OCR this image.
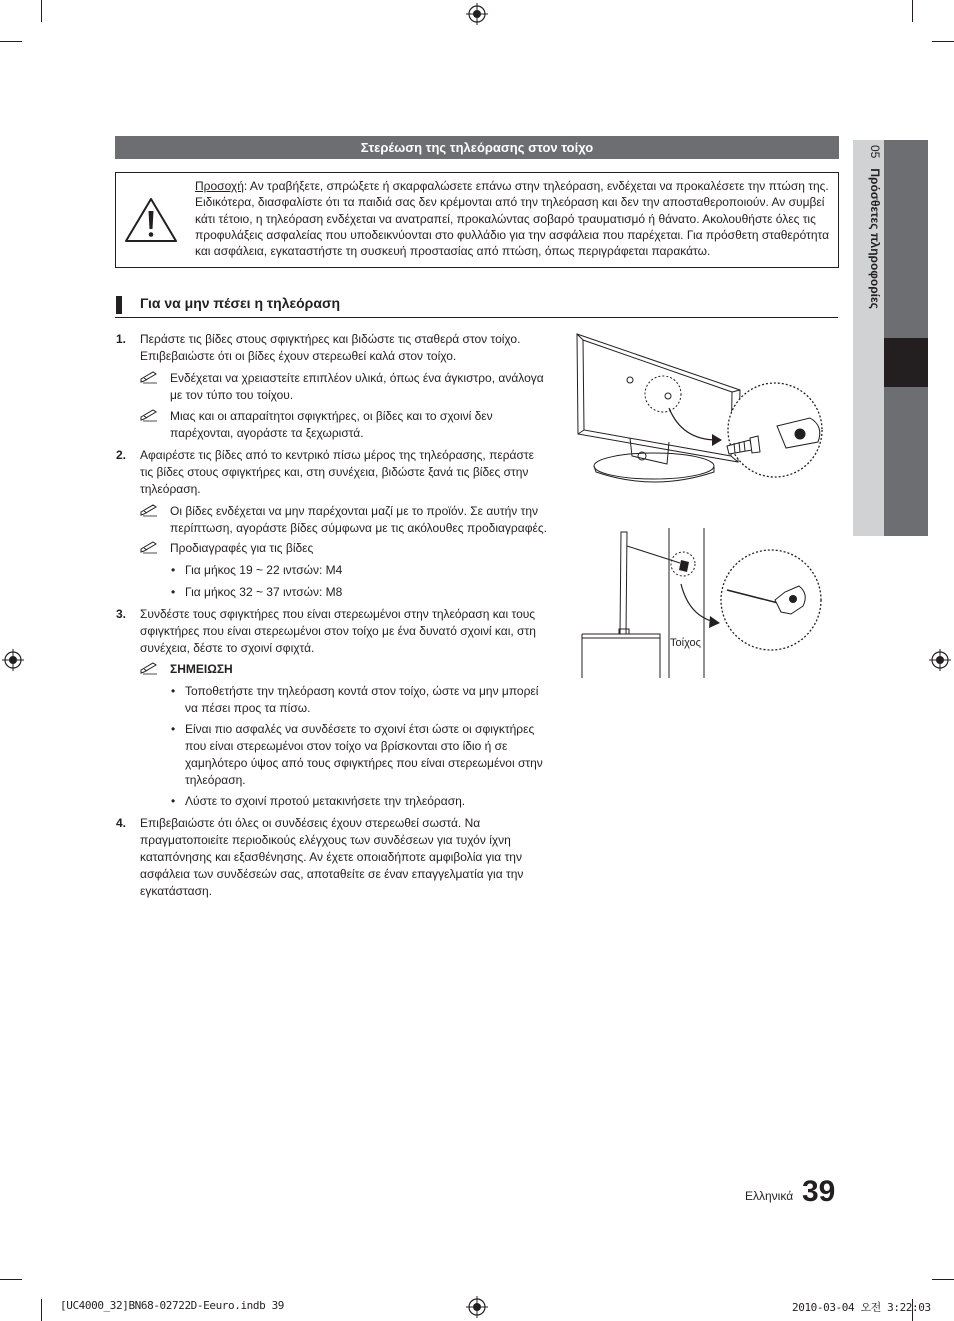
Στερέωση της τηλεόρασης στον τοίχο
Προσοχή: Αν τραβήξετε, σπρώξετε ή σκαρφαλώσετε επάνω στην τηλεόραση, ενδέχεται να προκαλέσετε την πτώση της.
Ειδικότερα, διασφαλίστε ότι τα παιδιά σας δεν κρέμονται από την τηλεόραση και δεν την αποσταθεροποιούν. Αν συμβεί
κάτι τέτοιο, η τηλεόραση ενδέχεται να ανατραπεί, προκαλώντας σοβαρό τραυματισμό ή θάνατο. Ακολουθήστε όλες τις
προφυλάξεις ασφαλείας που υποδεικνύονται στο φυλλάδιο για την ασφάλεια που παρέχεται. Για πρόσθετη σταθερότητα
και ασφάλεια, εγκαταστήστε τη συσκευή προστασίας από πτώση, όπως περιγράφεται παρακάτω.
Για να μην πέσει η τηλεόραση
1. Περάστε τις βίδες στους σφιγκτήρες και βιδώστε τις σταθερά στον τοίχο.
Επιβεβαιώστε ότι οι βίδες έχουν στερεωθεί καλά στον τοίχο.
Ενδέχεται να χρειαστείτε επιπλέον υλικά, όπως ένα άγκιστρο, ανάλογα
με τον τύπο του τοίχου.
Μιας και οι απαραίτητοι σφιγκτήρες, οι βίδες και το σχοινί δεν
παρέχονται, αγοράστε τα ξεχωριστά.
2. Αφαιρέστε τις βίδες από το κεντρικό πίσω μέρος της τηλεόρασης, περάστε
τις βίδες στους σφιγκτήρες και, στη συνέχεια, βιδώστε ξανά τις βίδες στην
τηλεόραση.
Οι βίδες ενδέχεται να μην παρέχονται μαζί με το προϊόν. Σε αυτήν την
περίπτωση, αγοράστε βίδες σύμφωνα με τις ακόλουθες προδιαγραφές.
Προδιαγραφές για τις βίδες
• Για μήκος 19 ~ 22 ιντσών: M4
• Για μήκος 32 ~ 37 ιντσών: M8
3. Συνδέστε τους σφιγκτήρες που είναι στερεωμένοι στην τηλεόραση και τους
σφιγκτήρες που είναι στερεωμένοι στον τοίχο με ένα δυνατό σχοινί και, στη
συνέχεια, δέστε το σχοινί σφιχτά.
ΣΗΜΕΙΩΣΗ
• Τοποθετήστε την τηλεόραση κοντά στον τοίχο, ώστε να μην μπορεί
να πέσει προς τα πίσω.
• Είναι πιο ασφαλές να συνδέσετε το σχοινί έτσι ώστε οι σφιγκτήρες
που είναι στερεωμένοι στον τοίχο να βρίσκονται στο ίδιο ή σε
χαμηλότερο ύψος από τους σφιγκτήρες που είναι στερεωμένοι στην
τηλεόραση.
• Λύστε το σχοινί προτού μετακινήσετε την τηλεόραση.
4. Επιβεβαιώστε ότι όλες οι συνδέσεις έχουν στερεωθεί σωστά. Να
πραγματοποιείτε περιοδικούς ελέγχους των συνδέσεων για τυχόν ίχνη
καταπόνησης και εξασθένησης. Αν έχετε οποιαδήποτε αμφιβολία για την
ασφάλεια των συνδέσεών σας, αποταθείτε σε έναν επαγγελματία για την
εγκατάσταση.
Τοίχος
05   Πρόσθετες πληροφορίες
Ελληνικά 39
[UC4000_32]BN68-02722D-Eeuro.indb 39	2010-03-04 오전 3:22:03
